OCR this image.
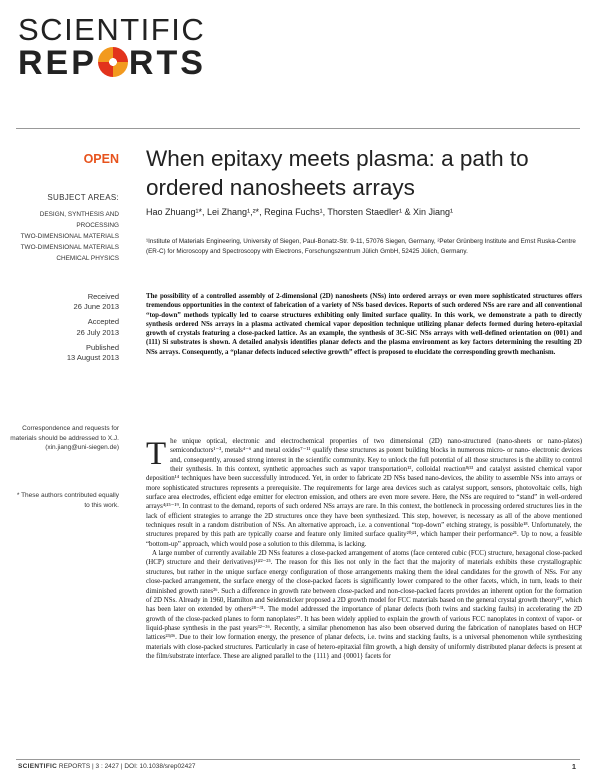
SCIENTIFIC
REP RTS
OPEN When epitaxy meets plasma: a path to ordered nanosheets arrays
Hao Zhuang¹*, Lei Zhang¹,²*, Regina Fuchs¹, Thorsten Staedler¹ & Xin Jiang¹
¹Institute of Materials Engineering, University of Siegen, Paul-Bonatz-Str. 9-11, 57076 Siegen, Germany, ²Peter Grünberg Institute and Ernst Ruska-Centre (ER-C) for Microscopy and Spectroscopy with Electrons, Forschungszentrum Jülich GmbH, 52425 Jülich, Germany.
SUBJECT AREAS:
DESIGN, SYNTHESIS AND PROCESSING
TWO-DIMENSIONAL MATERIALS
TWO-DIMENSIONAL MATERIALS
CHEMICAL PHYSICS
Received
26 June 2013
Accepted
26 July 2013
Published
13 August 2013
Correspondence and requests for materials should be addressed to X.J. (xin.jiang@uni-siegen.de)
* These authors contributed equally to this work.
The possibility of a controlled assembly of 2-dimensional (2D) nanosheets (NSs) into ordered arrays or even more sophisticated structures offers tremendous opportunities in the context of fabrication of a variety of NSs based devices. Reports of such ordered NSs are rare and all conventional “top-down” methods typically led to coarse structures exhibiting only limited surface quality. In this work, we demonstrate a path to directly synthesis ordered NSs arrays in a plasma activated chemical vapor deposition technique utilizing planar defects formed during hetero-epitaxial growth of crystals featuring a close-packed lattice. As an example, the synthesis of 3C-SiC NSs arrays with well-defined orientation on (001) and (111) Si substrates is shown. A detailed analysis identifies planar defects and the plasma environment as key factors determining the resulting 2D NSs arrays. Consequently, a “planar defects induced selective growth” effect is proposed to elucidate the corresponding growth mechanism.

The unique optical, electronic and electrochemical properties of two dimensional (2D) nano-structured (nano-sheets or nano-plates) semiconductors¹⁻³, metals⁴⁻⁶ and metal oxides⁷⁻¹¹ qualify these structures as potent building blocks in numerous micro- or nano- electronic devices and, consequently, aroused strong interest in the scientific community. Key to unlock the full potential of all those structures is the ability to control their synthesis. In this context, synthetic approaches such as vapor transportation¹², colloidal reaction⁸ʲ¹³ and catalyst assisted chemical vapor deposition¹⁴ techniques have been successfully introduced. Yet, in order to fabricate 2D NSs based nano-devices, the ability to assemble NSs into arrays or more sophisticated structures represents a prerequisite. The requirements for large area devices such as catalyst support, sensors, photovoltaic cells, high surface area electrodes, efficient edge emitter for electron emission, and others are even more severe. Here, the NSs are required to “stand” in well-ordered arrays⁴ʲ¹⁵⁻¹⁹. In contrast to the demand, reports of such ordered NSs arrays are rare. In this context, the bottleneck in processing ordered structures lies in the lack of efficient strategies to arrange the 2D structures once they have been synthesized. This step, however, is necessary as all of the above mentioned techniques result in a random distribution of NSs. An alternative approach, i.e. a conventional “top-down” etching strategy, is possible¹⁸. Unfortunately, the structures prepared by this path are typically coarse and feature only limited surface quality²⁰ʲ²¹, which hamper their performance²¹. Up to now, a feasible “bottom-up” approach, which would pose a solution to this dilemma, is lacking.

A large number of currently available 2D NSs features a close-packed arrangement of atoms (face centered cubic (FCC) structure, hexagonal close-packed (HCP) structure and their derivatives)¹ʲ²²⁻²⁵. The reason for this lies not only in the fact that the majority of materials exhibits these crystallographic structures, but rather in the unique surface energy configuration of those arrangements making them the ideal candidates for the growth of NSs. For any close-packed arrangement, the surface energy of the close-packed facets is significantly lower compared to the other facets, which, in turn, leads to their diminished growth rates²⁶. Such a difference in growth rate between close-packed and non-close-packed facets provides an inherent option for the formation of 2D NSs. Already in 1960, Hamilton and Seidensticker proposed a 2D growth model for FCC materials based on the general crystal growth theory²⁷, which has been later on extended by others²⁸⁻³¹. The model addressed the importance of planar defects (both twins and stacking faults) in accelerating the 2D growth of the close-packed planes to form nanoplates²⁷. It has been widely applied to explain the growth of various FCC nanoplates in context of vapor- or liquid-phase synthesis in the past years³²⁻³⁶. Recently, a similar phenomenon has also been observed during the fabrication of nanoplates based on HCP lattices²³ʲ³⁶. Due to their low formation energy, the presence of planar defects, i.e. twins and stacking faults, is a universal phenomenon while synthesizing materials with close-packed structures. Particularly in case of hetero-epitaxial film growth, a high density of uniformly distributed planar defects is present at the film/substrate interface. These are aligned parallel to the {111} and {0001} facets for

SCIENTIFIC REPORTS | 3 : 2427 | DOI: 10.1038/srep02427	1
